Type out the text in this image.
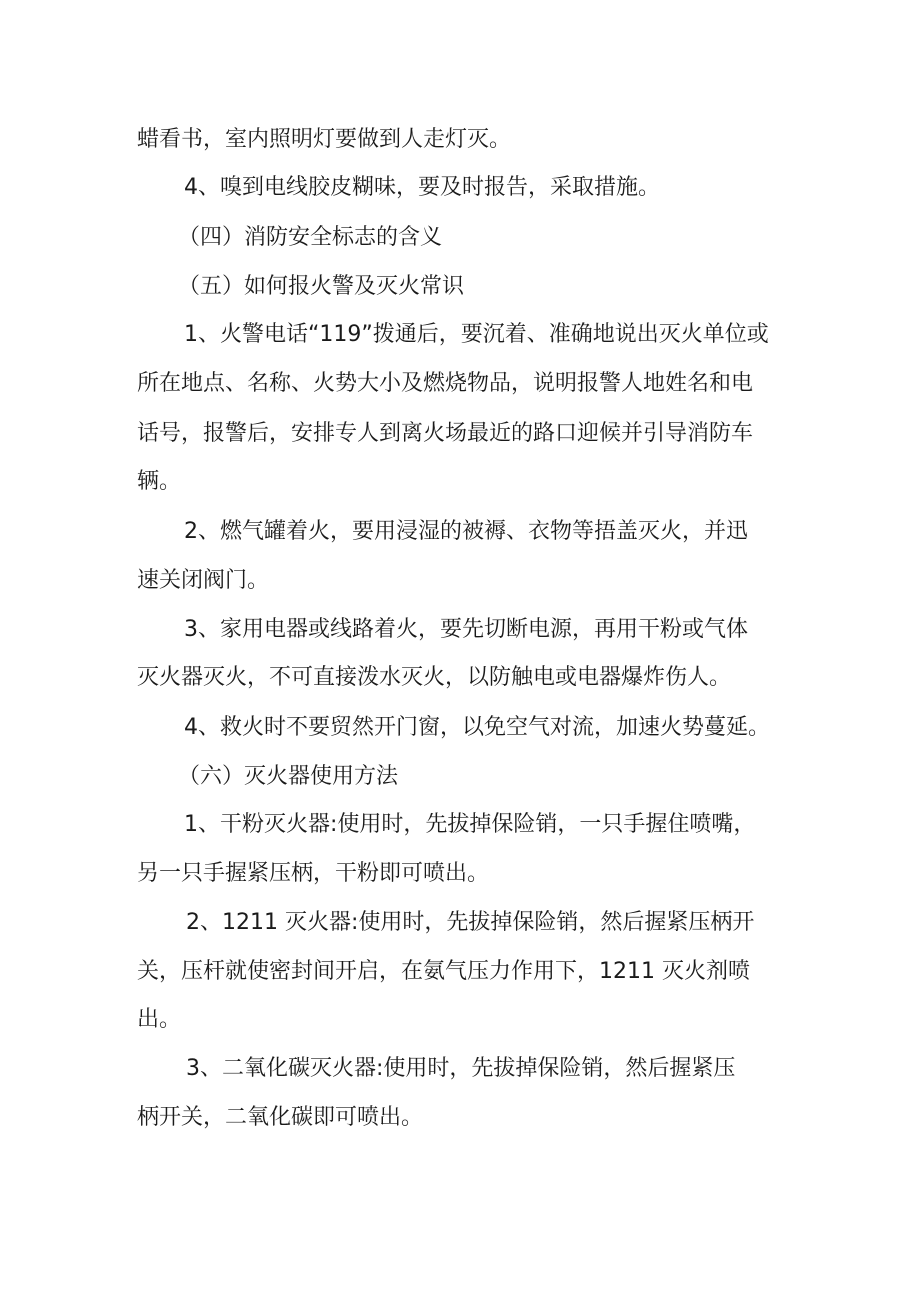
蜡看书，室内照明灯要做到人走灯灭。

4、嗅到电线胶皮糊味，要及时报告，采取措施。

（四）消防安全标志的含义

（五）如何报火警及灭火常识

1、火警电话“119”拨通后，要沉着、准确地说出灭火单位或

所在地点、名称、火势大小及燃烧物品，说明报警人地姓名和电

话号，报警后，安排专人到离火场最近的路口迎候并引导消防车

辆。

2、燃气罐着火，要用浸湿的被褥、衣物等捂盖灭火，并迅

速关闭阀门。

3、家用电器或线路着火，要先切断电源，再用干粉或气体

灭火器灭火，不可直接泼水灭火，以防触电或电器爆炸伤人。

4、救火时不要贸然开门窗，以免空气对流，加速火势蔓延。

（六）灭火器使用方法

1、干粉灭火器:使用时，先拔掉保险销，一只手握住喷嘴，

另一只手握紧压柄，干粉即可喷出。

2、1211 灭火器:使用时，先拔掉保险销，然后握紧压柄开

关，压杆就使密封间开启，在氨气压力作用下，1211 灭火剂喷

出。

3、二氧化碳灭火器:使用时，先拔掉保险销，然后握紧压

柄开关，二氧化碳即可喷出。
